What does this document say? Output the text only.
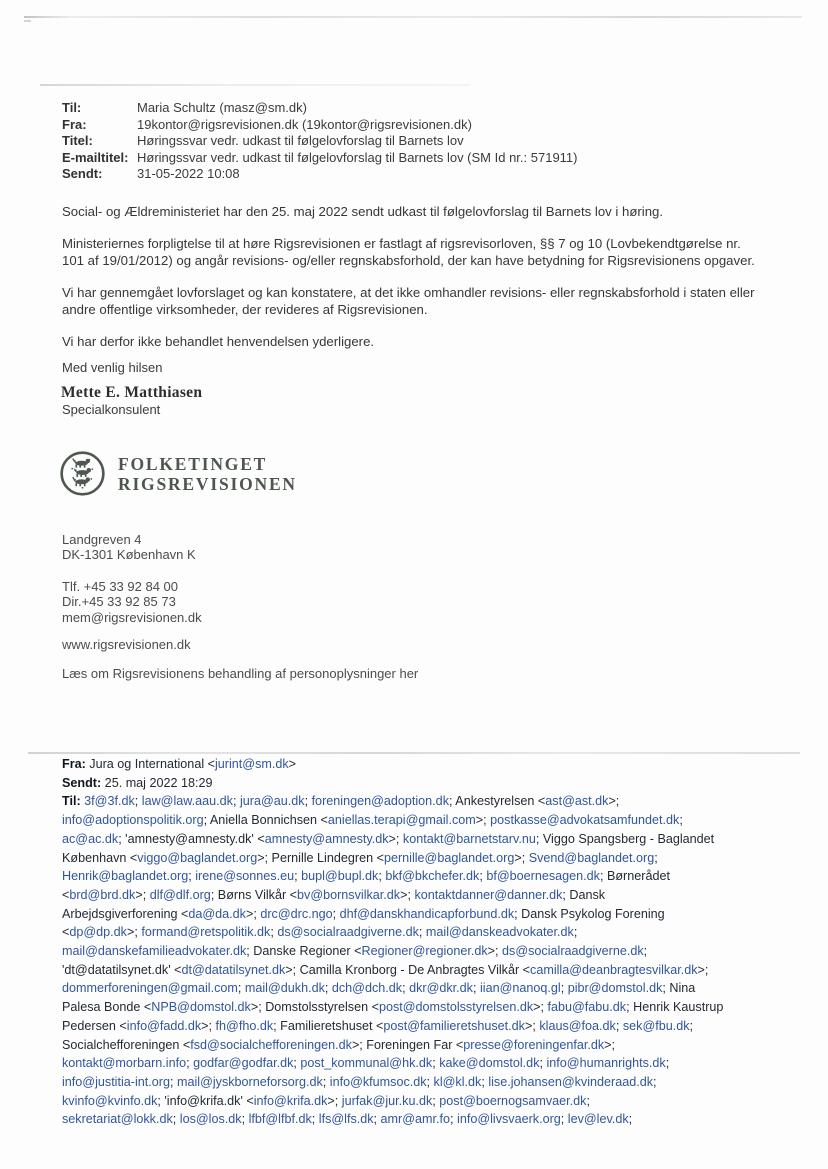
Til:	Maria Schultz (masz@sm.dk)
Fra:	19kontor@rigsrevisionen.dk (19kontor@rigsrevisionen.dk)
Titel:	Høringssvar vedr. udkast til følgelovforslag til Barnets lov
E-mailtitel: Høringssvar vedr. udkast til følgelovforslag til Barnets lov (SM Id nr.: 571911)
Sendt:	31-05-2022 10:08

Social- og Ældreministeriet har den 25. maj 2022 sendt udkast til følgelovforslag til Barnets lov i høring.

Ministeriernes forpligtelse til at høre Rigsrevisionen er fastlagt af rigsrevisorloven, §§ 7 og 10 (Lovbekendtgørelse nr. 101 af 19/01/2012) og angår revisions- og/eller regnskabsforhold, der kan have betydning for Rigsrevisionens opgaver.

Vi har gennemgået lovforslaget og kan konstatere, at det ikke omhandler revisions- eller regnskabsforhold i staten eller andre offentlige virksomheder, der revideres af Rigsrevisionen.

Vi har derfor ikke behandlet henvendelsen yderligere.

Med venlig hilsen
Mette E. Matthiasen
Specialkonsulent
FOLKETINGET
RIGSREVISIONEN
Landgreven 4
DK-1301 København K
Tlf. +45 33 92 84 00
Dir.+45 33 92 85 73
mem@rigsrevisionen.dk
www.rigsrevisionen.dk
Læs om Rigsrevisionens behandling af personoplysninger her
Fra: Jura og International <jurint@sm.dk>
Sendt: 25. maj 2022 18:29
Til: 3f@3f.dk; law@law.aau.dk; jura@au.dk; foreningen@adoption.dk; Ankestyrelsen <ast@ast.dk>;
info@adoptionspolitik.org; Aniella Bonnichsen <aniellas.terapi@gmail.com>; postkasse@advokatsamfundet.dk;
ac@ac.dk; 'amnesty@amnesty.dk' <amnesty@amnesty.dk>; kontakt@barnetstarv.nu; Viggo Spangsberg - Baglandet
København <viggo@baglandet.org>; Pernille Lindegren <pernille@baglandet.org>; Svend@baglandet.org;
Henrik@baglandet.org; irene@sonnes.eu; bupl@bupl.dk; bkf@bkchefer.dk; bf@boernesagen.dk; Børnerådet
<brd@brd.dk>; dlf@dlf.org; Børns Vilkår <bv@bornsvilkar.dk>; kontaktdanner@danner.dk; Dansk
Arbejdsgiverforening <da@da.dk>; drc@drc.ngo; dhf@danskhandicapforbund.dk; Dansk Psykolog Forening
<dp@dp.dk>; formand@retspolitik.dk; ds@socialraadgiverne.dk; mail@danskeadvokater.dk;
mail@danskefamilieadvokater.dk; Danske Regioner <Regioner@regioner.dk>; ds@socialraadgiverne.dk;
'dt@datatilsynet.dk' <dt@datatilsynet.dk>; Camilla Kronborg - De Anbragtes Vilkår <camilla@deanbragtesvilkar.dk>;
dommerforeningen@gmail.com; mail@dukh.dk; dch@dch.dk; dkr@dkr.dk; iian@nanoq.gl; pibr@domstol.dk; Nina
Palesa Bonde <NPB@domstol.dk>; Domstolsstyrelsen <post@domstolsstyrelsen.dk>; fabu@fabu.dk; Henrik Kaustrup
Pedersen <info@fadd.dk>; fh@fho.dk; Familieretshuset <post@familieretshuset.dk>; klaus@foa.dk; sek@fbu.dk;
Socialchefforeningen <fsd@socialchefforeningen.dk>; Foreningen Far <presse@foreningenfar.dk>;
kontakt@morbarn.info; godfar@godfar.dk; post_kommunal@hk.dk; kake@domstol.dk; info@humanrights.dk;
info@justitia-int.org; mail@jyskborneforsorg.dk; info@kfumsoc.dk; kl@kl.dk; lise.johansen@kvinderaad.dk;
kvinfo@kvinfo.dk; 'info@krifa.dk' <info@krifa.dk>; jurfak@jur.ku.dk; post@boernogsamvaer.dk;
sekretariat@lokk.dk; los@los.dk; lfbf@lfbf.dk; lfs@lfs.dk; amr@amr.fo; info@livsvaerk.org; lev@lev.dk;
